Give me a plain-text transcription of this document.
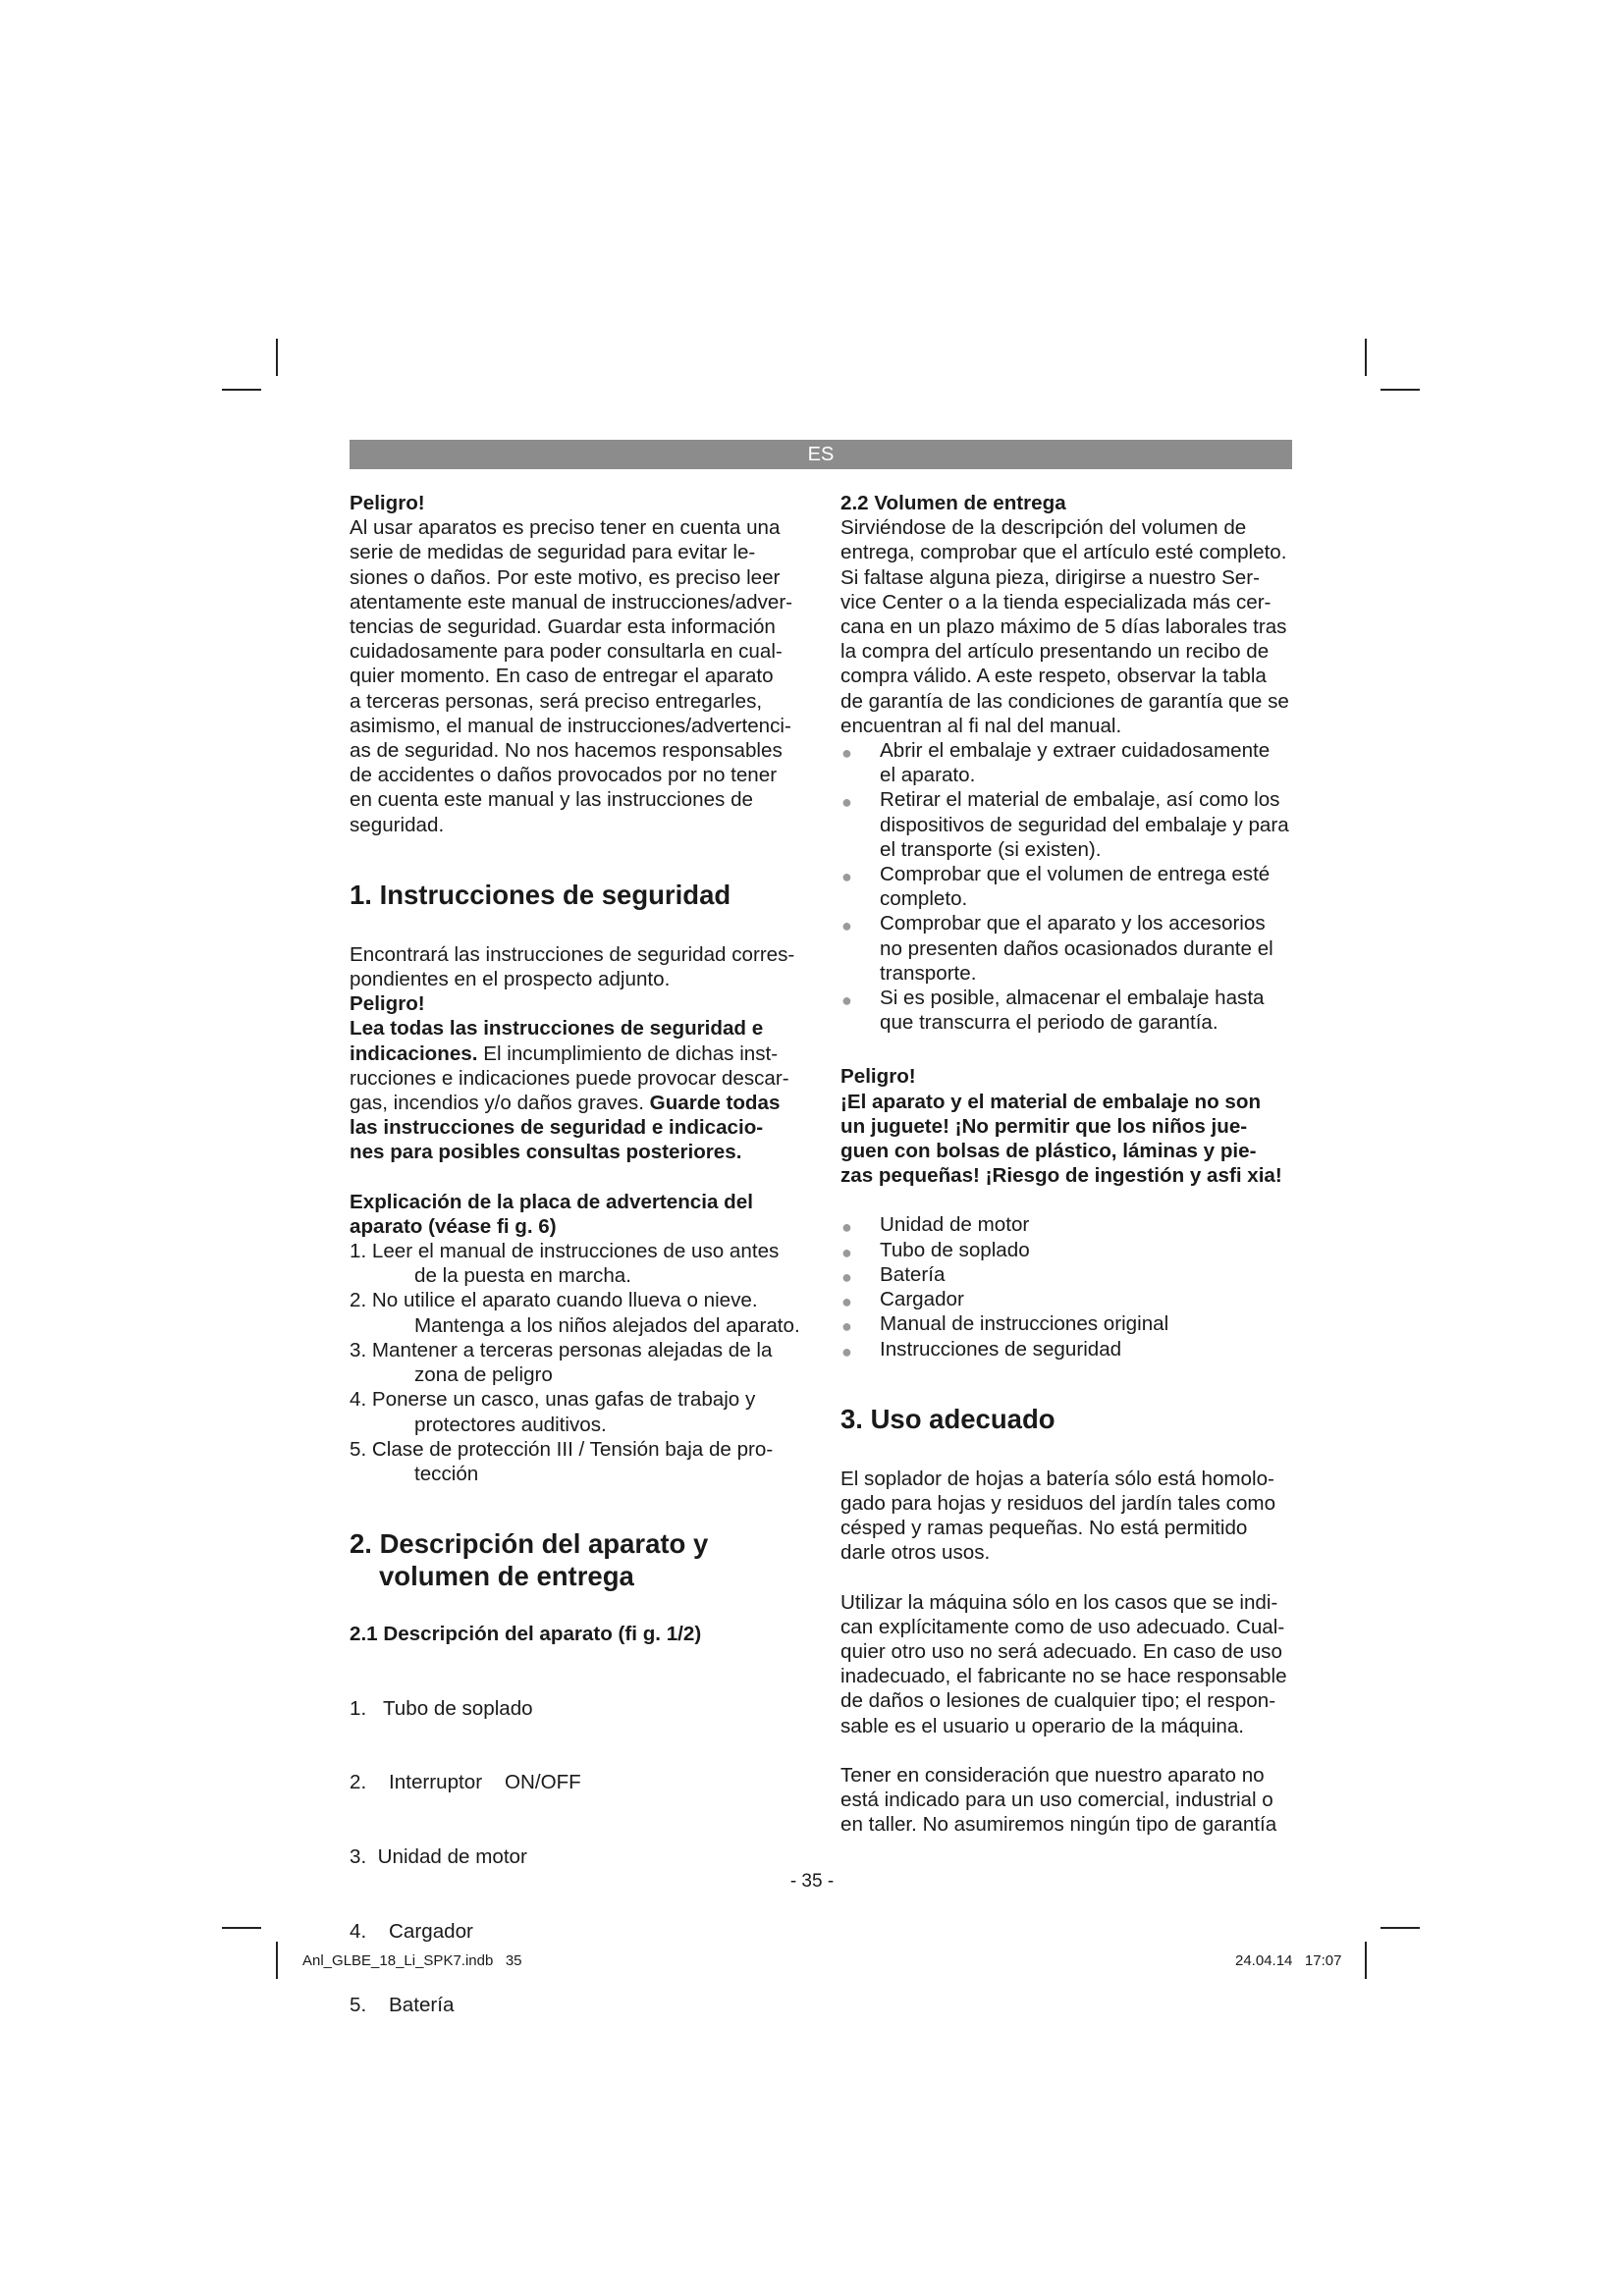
ES

Peligro!

Al usar aparatos es preciso tener en cuenta una

serie de medidas de seguridad para evitar le-

siones o daños. Por este motivo, es preciso leer

atentamente este manual de instrucciones/adver-

tencias de seguridad. Guardar esta información

cuidadosamente para poder consultarla en cual-

quier momento. En caso de entregar el aparato

a terceras personas, será preciso entregarles,

asimismo, el manual de instrucciones/advertenci-

as de seguridad. No nos hacemos responsables

de accidentes o daños provocados por no tener

en cuenta este manual y las instrucciones de

seguridad.

1. Instrucciones de seguridad

Encontrará las instrucciones de seguridad corres-

pondientes en el prospecto adjunto.

Peligro!

Lea todas las instrucciones de seguridad e

indicaciones. El incumplimiento de dichas inst-

rucciones e indicaciones puede provocar descar-

gas, incendios y/o daños graves. Guarde todas

las instrucciones de seguridad e indicacio-

nes para posibles consultas posteriores.

Explicación de la placa de advertencia del

aparato (véase fi g. 6)

1. Leer el manual de instrucciones de uso antes
de la puesta en marcha.
2. No utilice el aparato cuando llueva o nieve.
Mantenga a los niños alejados del aparato.
3. Mantener a terceras personas alejadas de la
zona de peligro
4. Ponerse un casco, unas gafas de trabajo y
protectores auditivos.
5. Clase de protección III / Tensión baja de pro-
tección
2. Descripción del aparato y
volumen de entrega

2.1 Descripción del aparato (fi g. 1/2)

1.   Tubo de soplado

2.    Interruptor    ON/OFF

3.  Unidad de motor

4.    Cargador

5.    Batería

2.2 Volumen de entrega

Sirviéndose de la descripción del volumen de

entrega, comprobar que el artículo esté completo.

Si faltase alguna pieza, dirigirse a nuestro Ser-

vice Center o a la tienda especializada más cer-

cana en un plazo máximo de 5 días laborales tras

la compra del artículo presentando un recibo de

compra válido. A este respeto, observar la tabla

de garantía de las condiciones de garantía que se

encuentran al fi nal del manual.

● Abrir el embalaje y extraer cuidadosamente
el aparato.
● Retirar el material de embalaje, así como los
dispositivos de seguridad del embalaje y para
el transporte (si existen).
● Comprobar que el volumen de entrega esté
completo.
● Comprobar que el aparato y los accesorios
no presenten daños ocasionados durante el
transporte.
● Si es posible, almacenar el embalaje hasta
que transcurra el periodo de garantía.

Peligro!

¡El aparato y el material de embalaje no son

un juguete! ¡No permitir que los niños jue-

guen con bolsas de plástico, láminas y pie-

zas pequeñas! ¡Riesgo de ingestión y asfi xia!

● Unidad de motor
● Tubo de soplado
● Batería
● Cargador
● Manual de instrucciones original
● Instrucciones de seguridad
3. Uso adecuado

El soplador de hojas a batería sólo está homolo-

gado para hojas y residuos del jardín tales como

césped y ramas pequeñas. No está permitido

darle otros usos.

Utilizar la máquina sólo en los casos que se indi-

can explícitamente como de uso adecuado. Cual-

quier otro uso no será adecuado. En caso de uso

inadecuado, el fabricante no se hace responsable

de daños o lesiones de cualquier tipo; el respon-

sable es el usuario u operario de la máquina.

Tener en consideración que nuestro aparato no

está indicado para un uso comercial, industrial o

en taller. No asumiremos ningún tipo de garantía

- 35 -
Anl_GLBE_18_Li_SPK7.indb   35	24.04.14   17:07
